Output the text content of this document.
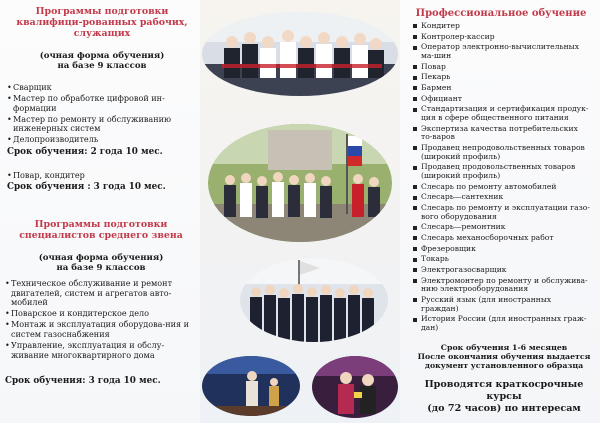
Программы подготовки квалифици-рованных рабочих, служащих

(очная форма обучения)

на базе 9 классов

• Сварщик
• Мастер по обработке цифровой ин-формации
• Мастер по ремонту и обслуживанию инженерных систем
• Делопроизводитель

Срок обучения: 2 года 10 мес.

• Повар, кондитер

Срок обучения : 3 года 10 мес.

Программы подготовки специалистов среднего звена

(очная форма обучения)

на базе 9 классов

• Техническое обслуживание и ремонт двигателей, систем и агрегатов авто-мобилей
• Поварское и кондитерское дело
• Монтаж и эксплуатация оборудова-ния и систем газоснабжения
• Управление, эксплуатация и обслу-живание многоквартирного дома

Срок обучения: 3 года 10 мес.

Профессиональное обучение

Кондитер
Контролер-кассир
Оператор электронно-вычислительных ма-шин
Повар
Пекарь
Бармен
Официант
Стандартизация и сертификация продук-ция в сфере общественного питания
Экспертиза качества потребительских то-варов
Продавец непродовольственных товаров (широкий профиль)
Продавец продовольственных товаров (широкий профиль)
Слесарь по ремонту автомобилей
Слесарь—сантехник
Слесарь по ремонту и эксплуатации газо-вого оборудования
Слесарь—ремонтник
Слесарь механосборочных работ
Фрезеровщик
Токарь
Электрогазосварщик
Электромонтер по ремонту и обслужива-нию электрооборудования
Русский язык (для иностранных граждан)
История России (для иностранных граж-дан)

Срок обучения 1-6 месяцев

После окончания обучения выдается документ установленного образца

Проводятся краткосрочные курсы

(до 72 часов) по интересам
